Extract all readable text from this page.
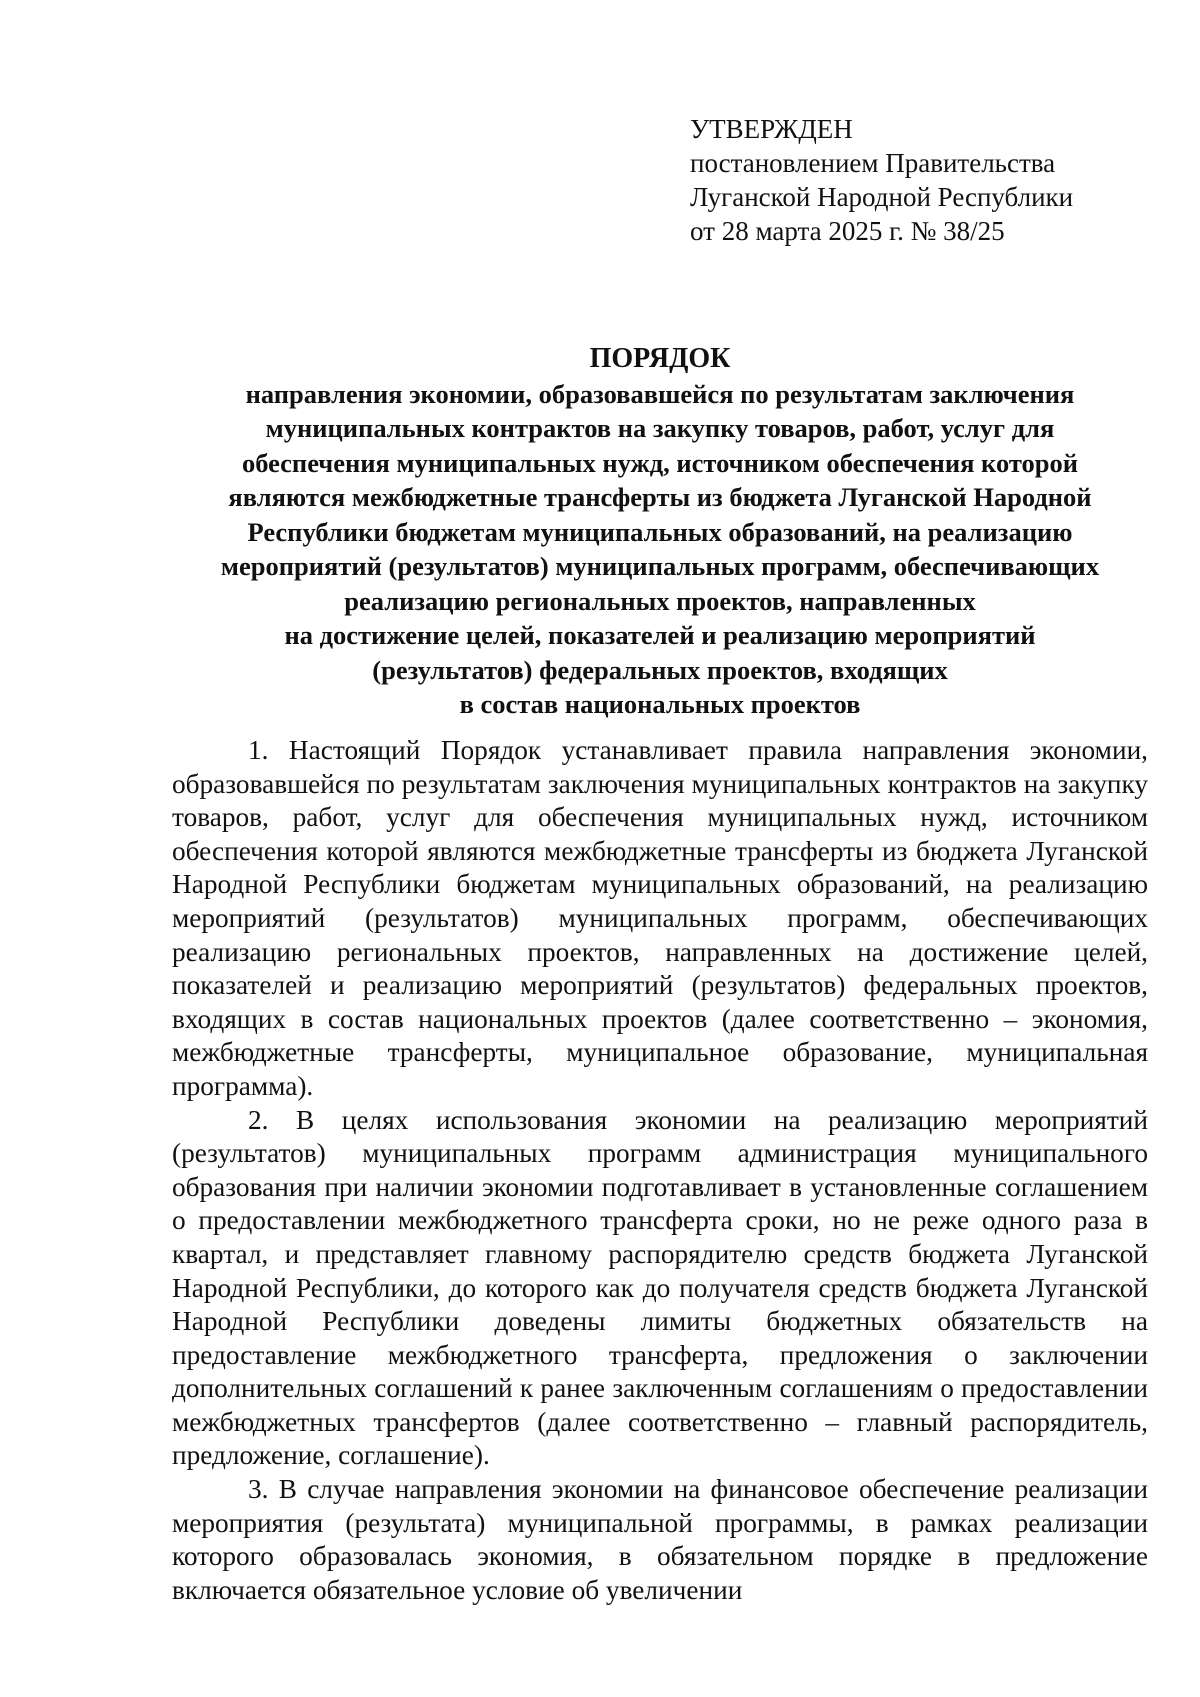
УТВЕРЖДЕН
постановлением Правительства
Луганской Народной Республики
от 28 марта 2025 г. № 38/25
ПОРЯДОК
направления экономии, образовавшейся по результатам заключения
муниципальных контрактов на закупку товаров, работ, услуг для
обеспечения муниципальных нужд, источником обеспечения которой
являются межбюджетные трансферты из бюджета Луганской Народной
Республики бюджетам муниципальных образований, на реализацию
мероприятий (результатов) муниципальных программ, обеспечивающих
реализацию региональных проектов, направленных
на достижение целей, показателей и реализацию мероприятий
(результатов) федеральных проектов, входящих
в состав национальных проектов

1. Настоящий Порядок устанавливает правила направления экономии, образовавшейся по результатам заключения муниципальных контрактов на закупку товаров, работ, услуг для обеспечения муниципальных нужд, источником обеспечения которой являются межбюджетные трансферты из бюджета Луганской Народной Республики бюджетам муниципальных образований, на реализацию мероприятий (результатов) муниципальных программ, обеспечивающих реализацию региональных проектов, направленных на достижение целей, показателей и реализацию мероприятий (результатов) федеральных проектов, входящих в состав национальных проектов (далее соответственно – экономия, межбюджетные трансферты, муниципальное образование, муниципальная программа).

2. В целях использования экономии на реализацию мероприятий (результатов) муниципальных программ администрация муниципального образования при наличии экономии подготавливает в установленные соглашением о предоставлении межбюджетного трансферта сроки, но не реже одного раза в квартал, и представляет главному распорядителю средств бюджета Луганской Народной Республики, до которого как до получателя средств бюджета Луганской Народной Республики доведены лимиты бюджетных обязательств на предоставление межбюджетного трансферта, предложения о заключении дополнительных соглашений к ранее заключенным соглашениям о предоставлении межбюджетных трансфертов (далее соответственно – главный распорядитель, предложение, соглашение).

3. В случае направления экономии на финансовое обеспечение реализации мероприятия (результата) муниципальной программы, в рамках реализации которого образовалась экономия, в обязательном порядке в предложение включается обязательное условие об увеличении
